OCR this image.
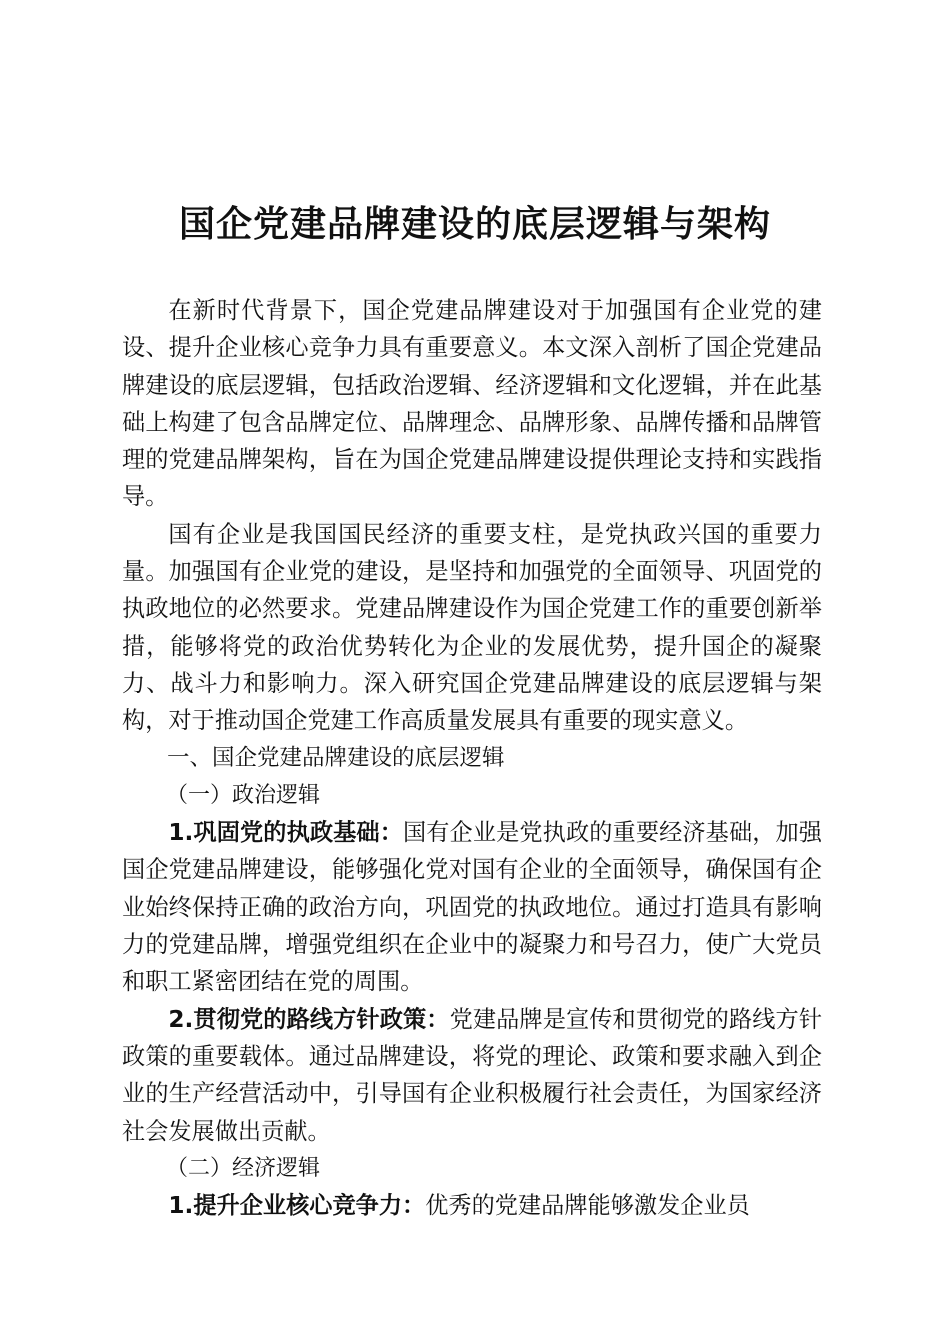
国企党建品牌建设的底层逻辑与架构

在新时代背景下，国企党建品牌建设对于加强国有企业党的建设、提升企业核心竞争力具有重要意义。本文深入剖析了国企党建品牌建设的底层逻辑，包括政治逻辑、经济逻辑和文化逻辑，并在此基础上构建了包含品牌定位、品牌理念、品牌形象、品牌传播和品牌管理的党建品牌架构，旨在为国企党建品牌建设提供理论支持和实践指导。

国有企业是我国国民经济的重要支柱，是党执政兴国的重要力量。加强国有企业党的建设，是坚持和加强党的全面领导、巩固党的执政地位的必然要求。党建品牌建设作为国企党建工作的重要创新举措，能够将党的政治优势转化为企业的发展优势，提升国企的凝聚力、战斗力和影响力。深入研究国企党建品牌建设的底层逻辑与架构，对于推动国企党建工作高质量发展具有重要的现实意义。

一、国企党建品牌建设的底层逻辑

（一）政治逻辑

1.巩固党的执政基础：国有企业是党执政的重要经济基础，加强国企党建品牌建设，能够强化党对国有企业的全面领导，确保国有企业始终保持正确的政治方向，巩固党的执政地位。通过打造具有影响力的党建品牌，增强党组织在企业中的凝聚力和号召力，使广大党员和职工紧密团结在党的周围。

2.贯彻党的路线方针政策：党建品牌是宣传和贯彻党的路线方针政策的重要载体。通过品牌建设，将党的理论、政策和要求融入到企业的生产经营活动中，引导国有企业积极履行社会责任，为国家经济社会发展做出贡献。

（二）经济逻辑

1.提升企业核心竞争力：优秀的党建品牌能够激发企业员
